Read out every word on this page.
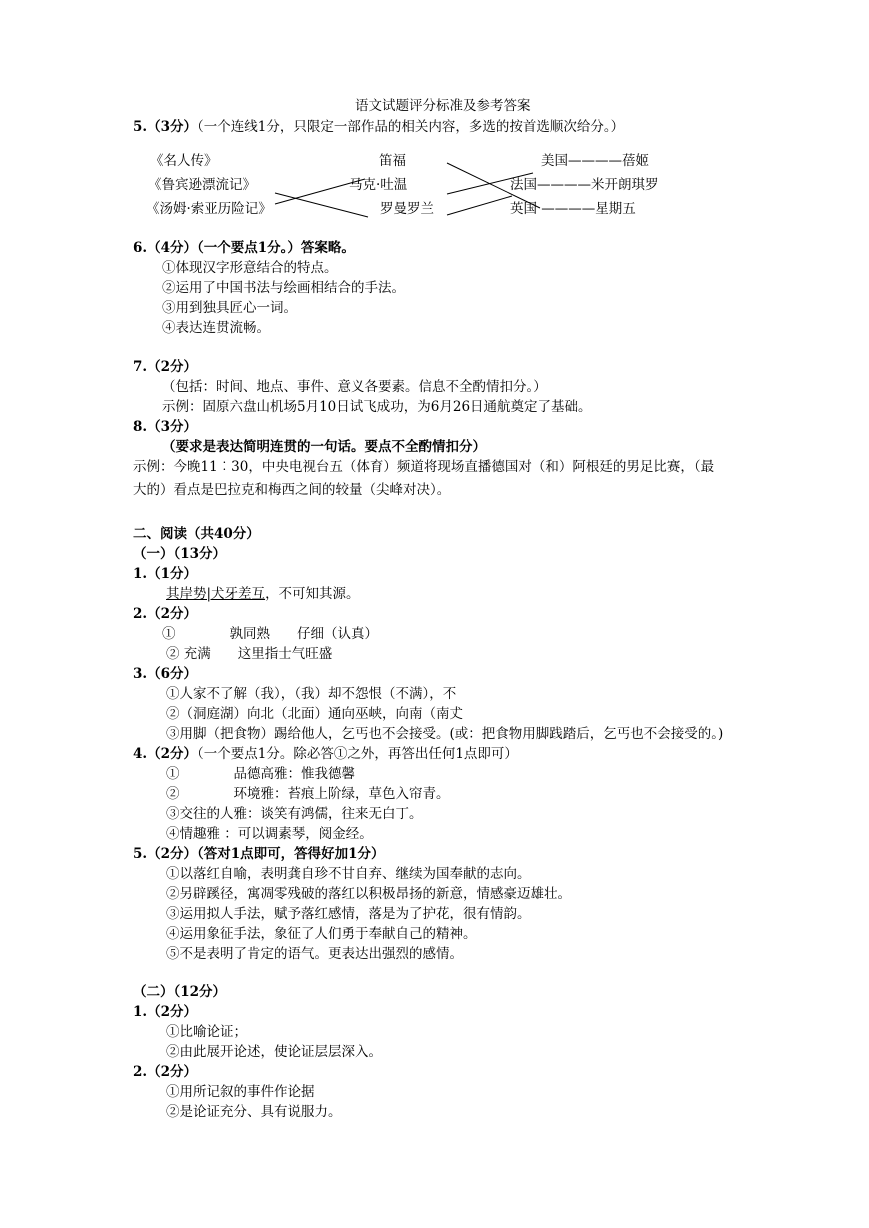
语文试题评分标准及参考答案
5.（3分）（一个连线1分，只限定一部作品的相关内容，多选的按首选顺次给分。）
《名人传》
《鲁宾逊漂流记》
《汤姆·索亚历险记》
笛福
马克·吐温
罗曼罗兰
美国————蓓姬
法国————米开朗琪罗
英国 ————星期五
6.（4分）（一个要点1分。）答案略。
①体现汉字形意结合的特点。
②运用了中国书法与绘画相结合的手法。
③用到独具匠心一词。
④表达连贯流畅。
7.（2分）
（包括：时间、地点、事件、意义各要素。信息不全酌情扣分。）
示例：固原六盘山机场5月10日试飞成功，为6月26日通航奠定了基础。
8.（3分）
（要求是表达简明连贯的一句话。要点不全酌情扣分）
示例：今晚11︰30，中央电视台五（体育）频道将现场直播德国对（和）阿根廷的男足比赛，（最
大的）看点是巴拉克和梅西之间的较量（尖峰对决）。
二、阅读（共40分）
（一）（13分）
1.（1分）
其岸势|犬牙差互，不可知其源。
2.（2分）
①　　　　孰同熟　　仔细（认真）
② 充满　　这里指士气旺盛
3.（6分）
①人家不了解（我），（我）却不怨恨（不满），不
②（洞庭湖）向北（北面）通向巫峡，向南（南𠀋
③用脚（把食物）踢给他人，乞丐也不会接受。(或：把食物用脚践踏后，乞丐也不会接受的。)
4.（2分）（一个要点1分。除必答①之外，再答出任何1点即可）
①　　　　品德高雅：惟我德馨
②　　　　环境雅：苔痕上阶绿，草色入帘青。
③交往的人雅：谈笑有鸿儒，往来无白丁。
④情趣雅 ：可以调素琴，阅金经。
5.（2分）（答对1点即可，答得好加1分）
①以落红自喻，表明龚自珍不甘自弃、继续为国奉献的志向。
②另辟蹊径，寓凋零残破的落红以积极昂扬的新意，情感豪迈雄壮。
③运用拟人手法，赋予落红感情，落是为了护花，很有情韵。
④运用象征手法，象征了人们勇于奉献自己的精神。
⑤不是表明了肯定的语气。更表达出强烈的感情。
（二）（12分）
1.（2分）
①比喻论证；
②由此展开论述，使论证层层深入。
2.（2分）
①用所记叙的事件作论据
②是论证充分、具有说服力。
